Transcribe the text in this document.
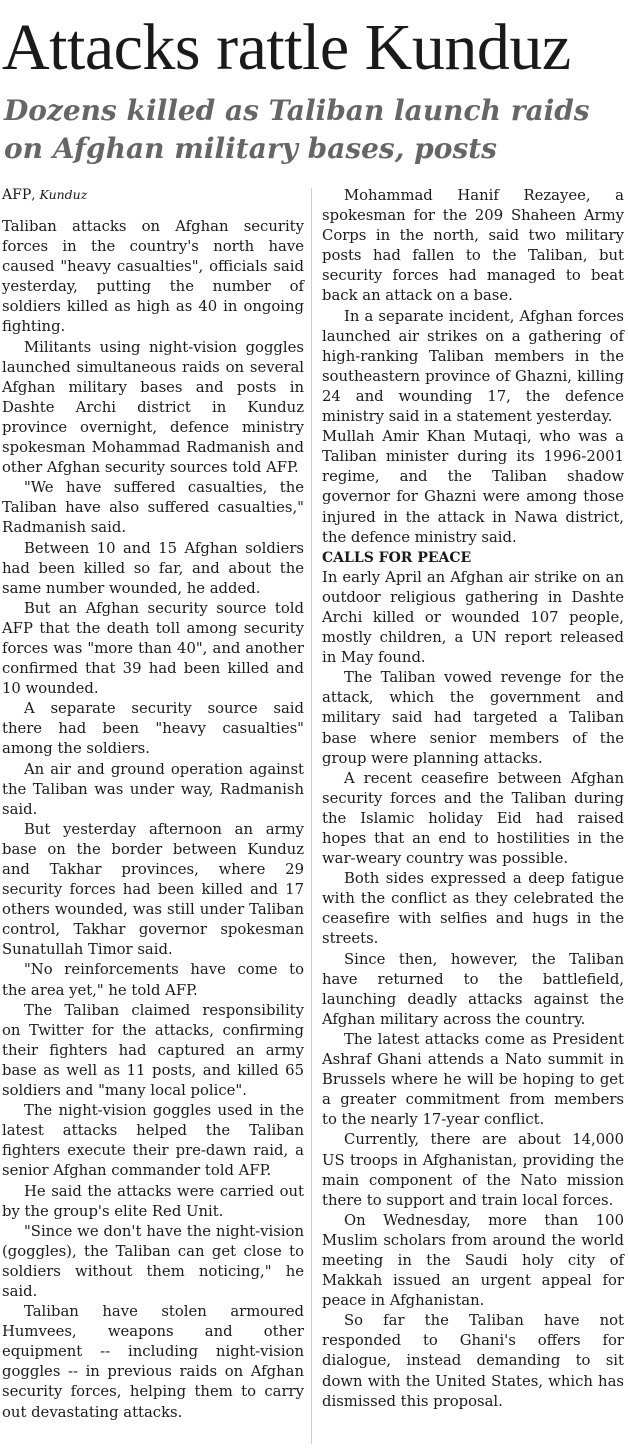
Attacks rattle Kunduz
Dozens killed as Taliban launch raids on Afghan military bases, posts
AFP, Kunduz

Taliban attacks on Afghan security forces in the country's north have caused "heavy casualties", officials said yesterday, putting the number of soldiers killed as high as 40 in ongoing fighting.

Militants using night-vision goggles launched simultaneous raids on several Afghan military bases and posts in Dashte Archi district in Kunduz province overnight, defence ministry spokesman Mohammad Radmanish and other Afghan security sources told AFP.

"We have suffered casualties, the Taliban have also suffered casualties," Radmanish said.

Between 10 and 15 Afghan soldiers had been killed so far, and about the same number wounded, he added.

But an Afghan security source told AFP that the death toll among security forces was "more than 40", and another confirmed that 39 had been killed and 10 wounded.

A separate security source said there had been "heavy casualties" among the soldiers.

An air and ground operation against the Taliban was under way, Radmanish said.

But yesterday afternoon an army base on the border between Kunduz and Takhar provinces, where 29 security forces had been killed and 17 others wounded, was still under Taliban control, Takhar governor spokesman Sunatullah Timor said.

"No reinforcements have come to the area yet," he told AFP.

The Taliban claimed responsibility on Twitter for the attacks, confirming their fighters had captured an army base as well as 11 posts, and killed 65 soldiers and "many local police".

The night-vision goggles used in the latest attacks helped the Taliban fighters execute their pre-dawn raid, a senior Afghan commander told AFP.

He said the attacks were carried out by the group's elite Red Unit.

"Since we don't have the night-vision (goggles), the Taliban can get close to soldiers without them noticing," he said.

Taliban have stolen armoured Humvees, weapons and other equipment -- including night-vision goggles -- in previous raids on Afghan security forces, helping them to carry out devastating attacks.

Mohammad Hanif Rezayee, a spokesman for the 209 Shaheen Army Corps in the north, said two military posts had fallen to the Taliban, but security forces had managed to beat back an attack on a base.

In a separate incident, Afghan forces launched air strikes on a gathering of high-ranking Taliban members in the southeastern province of Ghazni, killing 24 and wounding 17, the defence ministry said in a statement yesterday.

Mullah Amir Khan Mutaqi, who was a Taliban minister during its 1996-2001 regime, and the Taliban shadow governor for Ghazni were among those injured in the attack in Nawa district, the defence ministry said.

CALLS FOR PEACE

In early April an Afghan air strike on an outdoor religious gathering in Dashte Archi killed or wounded 107 people, mostly children, a UN report released in May found.

The Taliban vowed revenge for the attack, which the government and military said had targeted a Taliban base where senior members of the group were planning attacks.

A recent ceasefire between Afghan security forces and the Taliban during the Islamic holiday Eid had raised hopes that an end to hostilities in the war-weary country was possible.

Both sides expressed a deep fatigue with the conflict as they celebrated the ceasefire with selfies and hugs in the streets.

Since then, however, the Taliban have returned to the battlefield, launching deadly attacks against the Afghan military across the country.

The latest attacks come as President Ashraf Ghani attends a Nato summit in Brussels where he will be hoping to get a greater commitment from members to the nearly 17-year conflict.

Currently, there are about 14,000 US troops in Afghanistan, providing the main component of the Nato mission there to support and train local forces.

On Wednesday, more than 100 Muslim scholars from around the world meeting in the Saudi holy city of Makkah issued an urgent appeal for peace in Afghanistan.

So far the Taliban have not responded to Ghani's offers for dialogue, instead demanding to sit down with the United States, which has dismissed this proposal.
